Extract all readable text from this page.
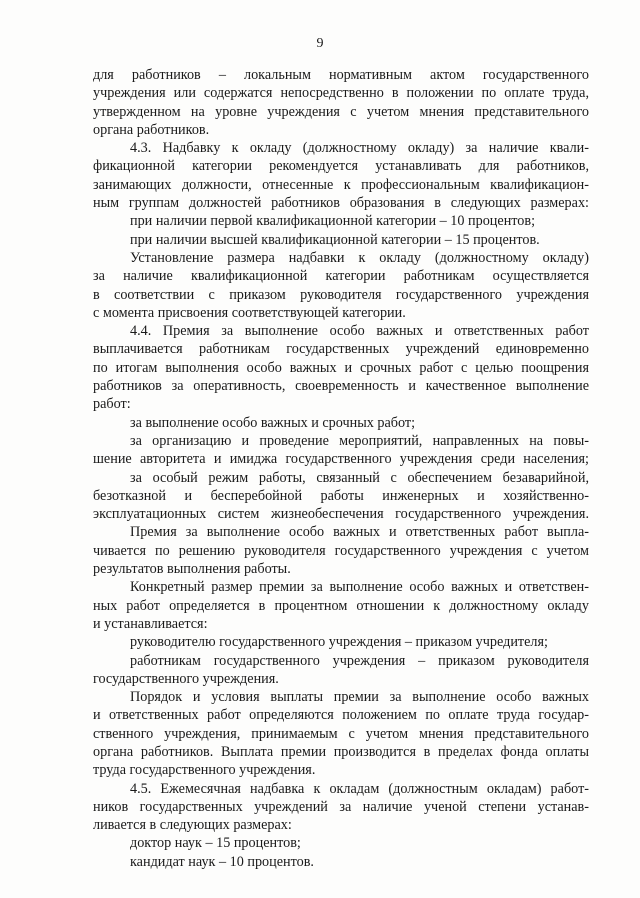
9
для работников – локальным нормативным актом государственного
учреждения или содержатся непосредственно в положении по оплате труда,
утвержденном на уровне учреждения с учетом мнения представительного
органа работников.
4.3. Надбавку к окладу (должностному окладу) за наличие квали-
фикационной категории рекомендуется устанавливать для работников,
занимающих должности, отнесенные к профессиональным квалификацион-
ным группам должностей работников образования в следующих размерах:
при наличии первой квалификационной категории – 10 процентов;
при наличии высшей квалификационной категории – 15 процентов.
Установление размера надбавки к окладу (должностному окладу)
за наличие квалификационной категории работникам осуществляется
в соответствии с приказом руководителя государственного учреждения
с момента присвоения соответствующей категории.
4.4. Премия за выполнение особо важных и ответственных работ
выплачивается работникам государственных учреждений единовременно
по итогам выполнения особо важных и срочных работ с целью поощрения
работников за оперативность, своевременность и качественное выполнение
работ:
за выполнение особо важных и срочных работ;
за организацию и проведение мероприятий, направленных на повы-
шение авторитета и имиджа государственного учреждения среди населения;
за особый режим работы, связанный с обеспечением безаварийной,
безотказной и бесперебойной работы инженерных и хозяйственно-
эксплуатационных систем жизнеобеспечения государственного учреждения.
Премия за выполнение особо важных и ответственных работ выпла-
чивается по решению руководителя государственного учреждения с учетом
результатов выполнения работы.
Конкретный размер премии за выполнение особо важных и ответствен-
ных работ определяется в процентном отношении к должностному окладу
и устанавливается:
руководителю государственного учреждения – приказом учредителя;
работникам государственного учреждения – приказом руководителя
государственного учреждения.
Порядок и условия выплаты премии за выполнение особо важных
и ответственных работ определяются положением по оплате труда государ-
ственного учреждения, принимаемым с учетом мнения представительного
органа работников. Выплата премии производится в пределах фонда оплаты
труда государственного учреждения.
4.5. Ежемесячная надбавка к окладам (должностным окладам) работ-
ников государственных учреждений за наличие ученой степени устанав-
ливается в следующих размерах:
доктор наук – 15 процентов;
кандидат наук – 10 процентов.
